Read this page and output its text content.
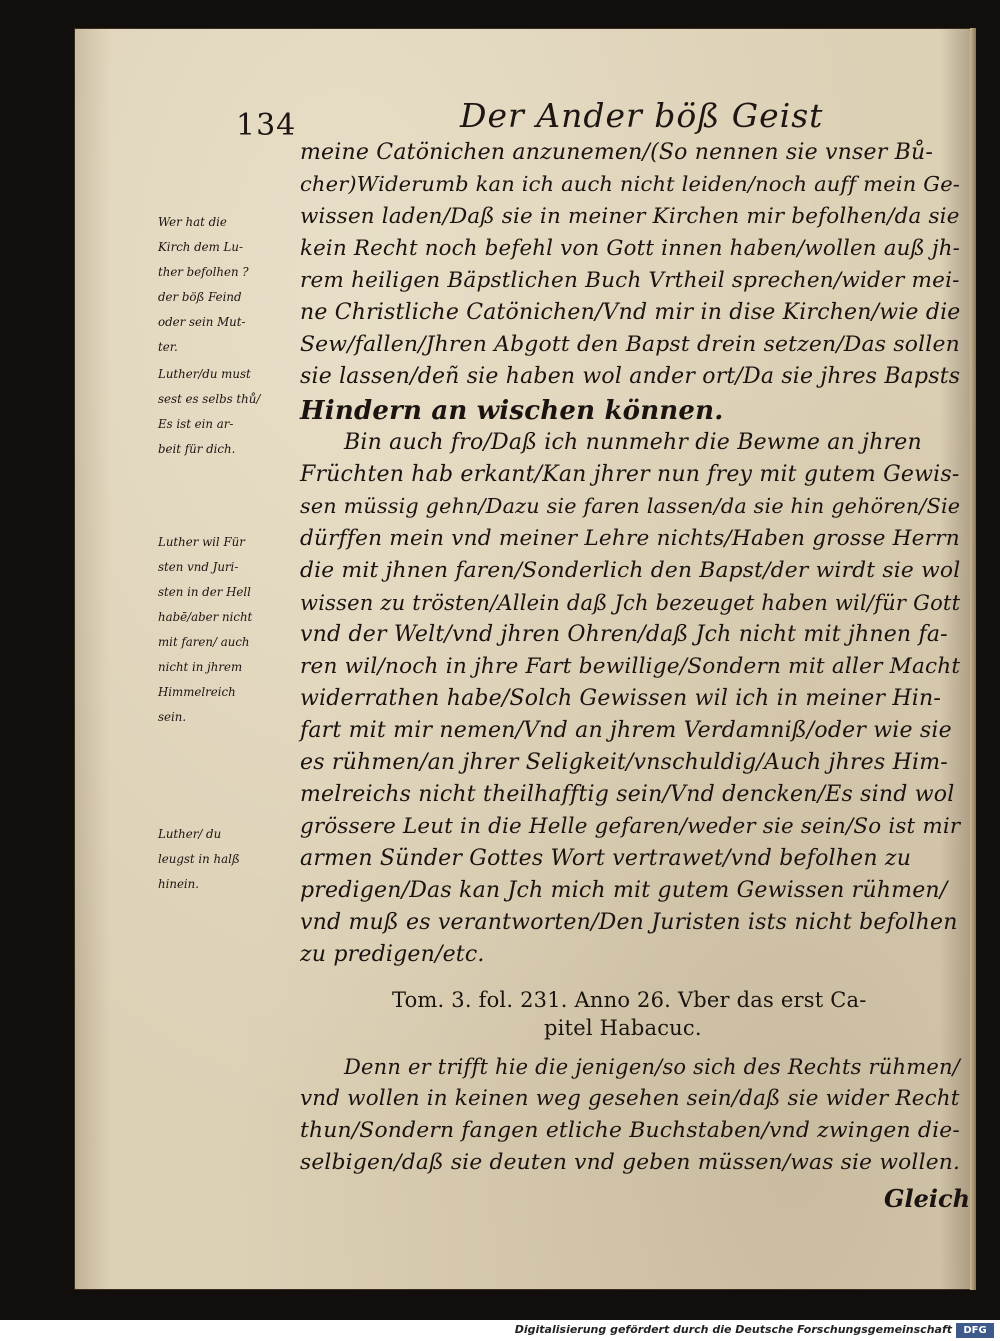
134	Der Ander böß Geist
Wer hat die
Kirch dem Lu-
ther befolhen ?
der böß Feind
oder sein Mut-
ter.
Luther/du must
sest es selbs thů/
Es ist ein ar-
beit für dich.
Luther wil Für
sten vnd Juri-
sten in der Hell
habē/aber nicht
mit faren/ auch
nicht in jhrem
Himmelreich
sein.
Luther/ du
leugst in halß
hinein.
meine Catönichen anzunemen/(So nennen sie vnser Bů-
cher)Widerumb kan ich auch nicht leiden/noch auff mein Ge-
wissen laden/Daß sie in meiner Kirchen mir befolhen/da sie
kein Recht noch befehl von Gott innen haben/wollen auß jh-
rem heiligen Bäpstlichen Buch Vrtheil sprechen/wider mei-
ne Christliche Catönichen/Vnd mir in dise Kirchen/wie die
Sew/fallen/Jhren Abgott den Bapst drein setzen/Das sollen
sie lassen/deñ sie haben wol ander ort/Da sie jhres Bapsts
Hindern an wischen können.
Bin auch fro/Daß ich nunmehr die Bewme an jhren
Früchten hab erkant/Kan jhrer nun frey mit gutem Gewis-
sen müssig gehn/Dazu sie faren lassen/da sie hin gehören/Sie
dürffen mein vnd meiner Lehre nichts/Haben grosse Herrn
die mit jhnen faren/Sonderlich den Bapst/der wirdt sie wol
wissen zu trösten/Allein daß Jch bezeuget haben wil/für Gott
vnd der Welt/vnd jhren Ohren/daß Jch nicht mit jhnen fa-
ren wil/noch in jhre Fart bewillige/Sondern mit aller Macht
widerrathen habe/Solch Gewissen wil ich in meiner Hin-
fart mit mir nemen/Vnd an jhrem Verdamniß/oder wie sie
es rühmen/an jhrer Seligkeit/vnschuldig/Auch jhres Him-
melreichs nicht theilhafftig sein/Vnd dencken/Es sind wol
grössere Leut in die Helle gefaren/weder sie sein/So ist mir
armen Sünder Gottes Wort vertrawet/vnd befolhen zu
predigen/Das kan Jch mich mit gutem Gewissen rühmen/
vnd muß es verantworten/Den Juristen ists nicht befolhen
zu predigen/etc.
Tom. 3. fol. 231. Anno 26. Vber das erst Ca-
pitel Habacuc.
Denn er trifft hie die jenigen/so sich des Rechts rühmen/
vnd wollen in keinen weg gesehen sein/daß sie wider Recht
thun/Sondern fangen etliche Buchstaben/vnd zwingen die-
selbigen/daß sie deuten vnd geben müssen/was sie wollen.
Gleich
Digitalisierung gefördert durch die Deutsche Forschungsgemeinschaft	DFG
